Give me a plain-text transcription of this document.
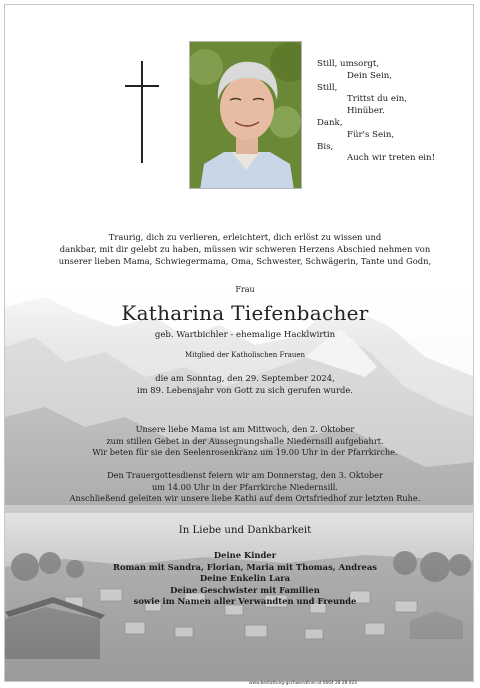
Still, umsorgt,
Dein Sein,
Still,
Trittst du ein,
Hinüber.
Dank,
Für's Sein,
Bis,
Auch wir treten ein!
Traurig, dich zu verlieren, erleichtert, dich erlöst zu wissen und
dankbar, mit dir gelebt zu haben, müssen wir schweren Herzens Abschied nehmen von
unserer lieben Mama, Schwiegermama, Oma, Schwester, Schwägerin, Tante und Godn,
Frau
Katharina Tiefenbacher
geb. Wartbichler - ehemalige Hacklwirtin
Mitglied der Katholischen Frauen
die am Sonntag, den 29. September 2024,
im 89. Lebensjahr von Gott zu sich gerufen wurde.
Unsere liebe Mama ist am Mittwoch, den 2. Oktober
zum stillen Gebet in der Aussegnungshalle Niedernsill aufgebahrt.
Wir beten für sie den Seelenrosenkranz um 19.00 Uhr in der Pfarrkirche.
Den Trauergottesdienst feiern wir am Donnerstag, den 3. Oktober
um 14.00 Uhr in der Pfarrkirche Niedernsill.
Anschließend geleiten wir unsere liebe Kathi auf dem Ortsfriedhof zur letzten Ruhe.
In Liebe und Dankbarkeit
Deine Kinder
Roman mit Sandra, Florian, Maria mit Thomas, Andreas
Deine Enkelin Lara
Deine Geschwister mit Familien
sowie im Namen aller Verwandten und Freunde
www.bestattung-gschwendtner.at 0664 28 28 023
